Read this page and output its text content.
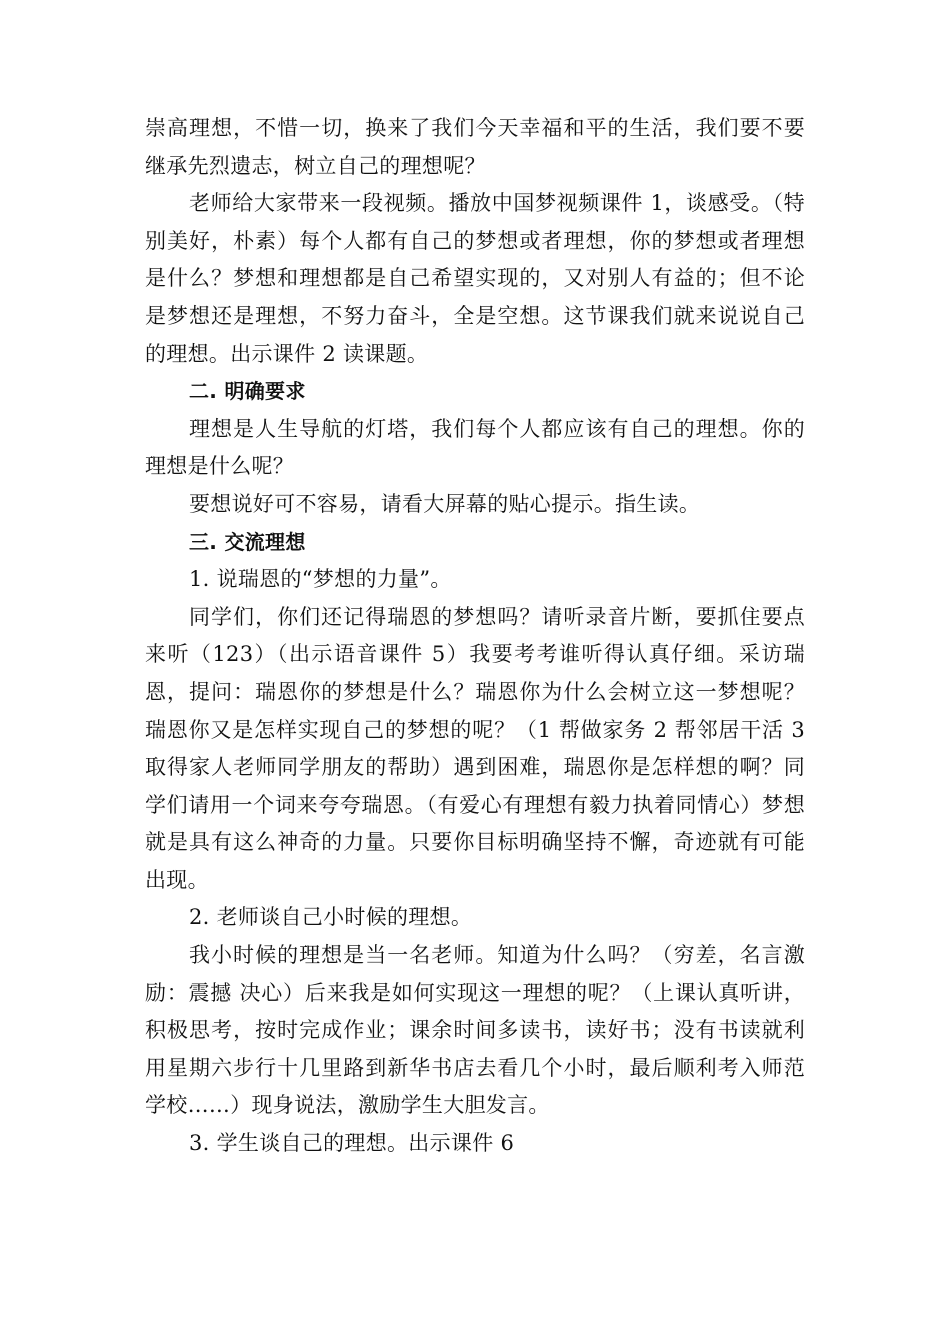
崇高理想，不惜一切，换来了我们今天幸福和平的生活，我们要不要继承先烈遗志，树立自己的理想呢？

老师给大家带来一段视频。播放中国梦视频课件 1，谈感受。（特别美好，朴素）每个人都有自己的梦想或者理想，你的梦想或者理想是什么？梦想和理想都是自己希望实现的，又对别人有益的；但不论是梦想还是理想，不努力奋斗，全是空想。这节课我们就来说说自己的理想。出示课件 2 读课题。

二. 明确要求

理想是人生导航的灯塔，我们每个人都应该有自己的理想。你的理想是什么呢？

要想说好可不容易，请看大屏幕的贴心提示。指生读。

三. 交流理想

1. 说瑞恩的“梦想的力量”。

同学们，你们还记得瑞恩的梦想吗？请听录音片断，要抓住要点来听（123）（出示语音课件 5）我要考考谁听得认真仔细。采访瑞恩，提问：瑞恩你的梦想是什么？瑞恩你为什么会树立这一梦想呢？瑞恩你又是怎样实现自己的梦想的呢？（1 帮做家务 2 帮邻居干活 3 取得家人老师同学朋友的帮助）遇到困难，瑞恩你是怎样想的啊？同学们请用一个词来夸夸瑞恩。（有爱心有理想有毅力执着同情心）梦想就是具有这么神奇的力量。只要你目标明确坚持不懈，奇迹就有可能出现。

2. 老师谈自己小时候的理想。

我小时候的理想是当一名老师。知道为什么吗？（穷差，名言激励：震撼 决心）后来我是如何实现这一理想的呢？（上课认真听讲，积极思考，按时完成作业；课余时间多读书，读好书；没有书读就利用星期六步行十几里路到新华书店去看几个小时，最后顺利考入师范学校……）现身说法，激励学生大胆发言。

3. 学生谈自己的理想。出示课件 6
